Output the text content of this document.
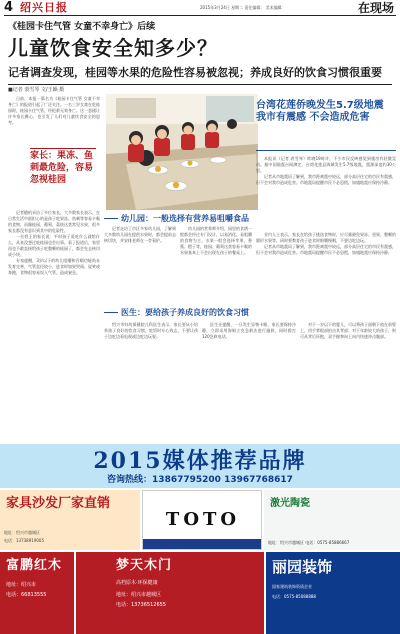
4 绍兴日报	2015年3月24日 星期二 责任编辑： 美术编辑：	在现场
《桂园卡住气管 女童不幸身亡》后续
儿童饮食安全知多少？
记者调查发现，桂园等水果的危险性容易被忽视；养成良好的饮食习惯很重要
■记者 裘雪琴 文/王颖 摄

日前，本报一篇名为《桂园卡住气管 女童不幸身亡》的报道引起了广泛关注。一名三岁女童在吃桂园时，桂园卡住气管，经抢救无效身亡。这一悲剧让许多家长揪心，也引发了人们对儿童饮食安全的思考。

家长：果冻、鱼刺最危险，容易忽视桂园

记者随机采访了多位家长，大多数家长表示，在日常生活中最担心的是孩子吃果冻、鱼刺等容易卡喉的食物，而像桂园、葡萄、荔枝这类常见水果，很多家长都没有意识到其中的危险性。

一位姓王的家长说：平时孩子爱吃什么就给什么，从来没想过吃桂园也会出事。看了报道后，家里再也不敢直接给孩子吃整颗的桂园了，都会先去核切成小块。

专家提醒，3岁以下的幼儿咀嚼和吞咽功能尚未发育完善，气管直径较小，进食时如果哭闹、说笑或奔跑，食物很容易误入气管，造成窒息。

台湾花莲侨晚发生5.7级地震 我市有震感 不会造成危害

本报讯（记者 裘雪琴）昨晚19时许，不少市民反映感觉到楼房有轻微晃动。据中国地震台网测定，台湾花莲县海域发生5.7级地震，震源深度约30公里。

记者从市地震局了解到，我市距离震中较远，部分高层住宅的市民有震感，但不会对我市造成危害。市地震局提醒市民不必恐慌，如遇地震应保持冷静。

幼儿园：一般选择有营养易咀嚼食品

记者走访了市区多家幼儿园，了解到大多数幼儿园在提供水果时，都会提前去核切块，并安排老师在一旁看护。

幼儿园的营养师介绍，园里的食谱一般都会经过专门设计，以易消化、易咀嚼的食物为主。水果一般会选择苹果、香蕉、橙子等，桂园、葡萄这类容易卡喉的水果基本上不会出现在孩子的餐桌上。

业内人士表示，家长在给孩子挑选食物时，应尽量避免果冻、坚果、整颗的圆形水果等，同时要教育孩子进食时细嚼慢咽，不要边吃边玩。

记者从市地震局了解到，我市距离震中较远，部分高层住宅的市民有震感，但不会对我市造成危害。市地震局提醒市民不必恐慌，如遇地震应保持冷静。

医生：要给孩子养成良好的饮食习惯

绍兴市妇幼保健院儿科医生表示，家长要从小培养孩子良好的饮食习惯，吃饭时专心致志，不要让孩子边吃边看电视或边吃边玩耍。

医生还提醒，一旦发生异物卡喉，家长要保持冷静，立即采用海姆立克急救法进行施救，同时拨打120急救电话。

对于一岁以下的婴儿，可以将孩子面朝下放在前臂上，用手掌根部拍击其背部；对于年龄较大的孩子，则可从背后环抱，双手握拳向上向内快速冲击腹部。

2015媒体推荐品牌
咨询热线：13867795200 13967768617
家具沙发厂家直销
地址：绍兴市越城区
电话：13738919005
TOTO
激光陶瓷
地址：绍兴市越城区 电话：0575-85886667
富鹏红木
地址：绍兴市
电话：66813555
梦天木门
高档原木·环保健康
地址：绍兴市越城区
电话：13736512655
丽园装饰
国家建筑装饰资质企业
电话：0575-85088888
